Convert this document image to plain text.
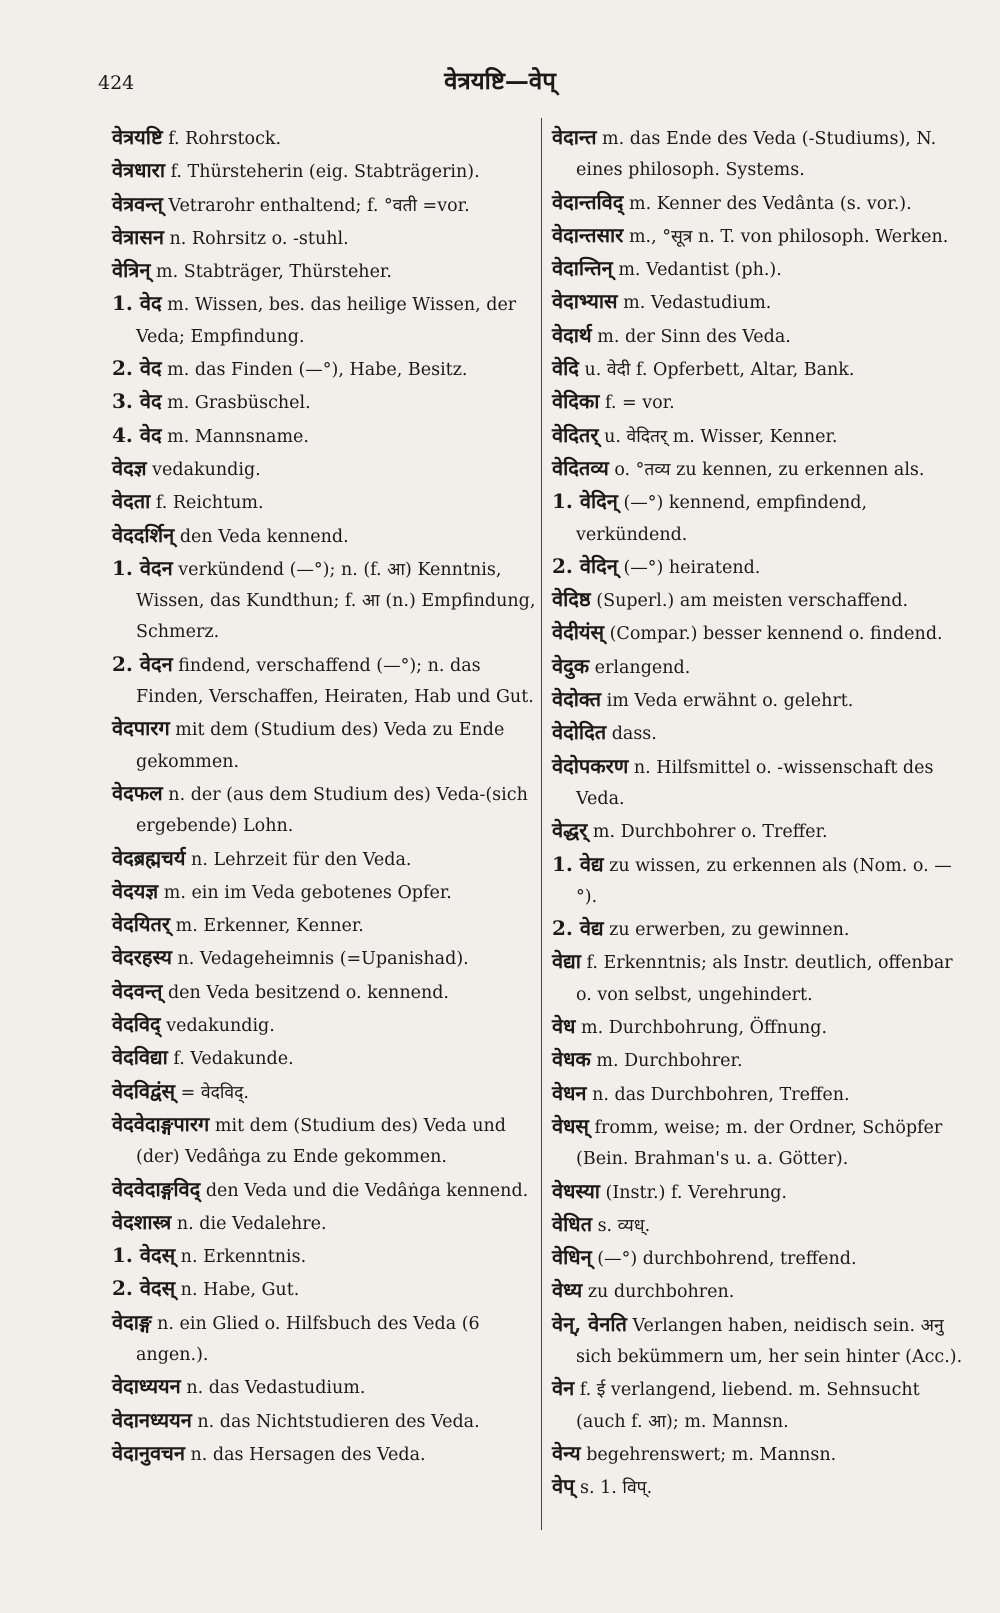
424	वेत्रयष्टि—वेप्
वेत्रयष्टि f. Rohrstock.
वेत्रधारा f. Thürsteherin (eig. Stabträgerin).
वेत्रवन्त् Vetrarohr enthaltend; f. °वती =vor.
वेत्रासन n. Rohrsitz o. -stuhl.
वेत्रिन् m. Stabträger, Thürsteher.
1. वेद m. Wissen, bes. das heilige Wissen, der Veda; Empfindung.
2. वेद m. das Finden (—°), Habe, Besitz.
3. वेद m. Grasbüschel.
4. वेद m. Mannsname.
वेदज्ञ vedakundig.
वेदता f. Reichtum.
वेददर्शिन् den Veda kennend.
1. वेदन verkündend (—°); n. (f. आ) Kenntnis, Wissen, das Kundthun; f. आ (n.) Empfindung, Schmerz.
2. वेदन findend, verschaffend (—°); n. das Finden, Verschaffen, Heiraten, Hab und Gut.
वेदपारग mit dem (Studium des) Veda zu Ende gekommen.
वेदफल n. der (aus dem Studium des) Veda-(sich ergebende) Lohn.
वेदब्रह्मचर्य n. Lehrzeit für den Veda.
वेदयज्ञ m. ein im Veda gebotenes Opfer.
वेदयितर् m. Erkenner, Kenner.
वेदरहस्य n. Vedageheimnis (=Upanishad).
वेदवन्त् den Veda besitzend o. kennend.
वेदविद् vedakundig.
वेदविद्या f. Vedakunde.
वेदविद्वंस् = वेदविद्.
वेदवेदाङ्गपारग mit dem (Studium des) Veda und (der) Vedâṅga zu Ende gekommen.
वेदवेदाङ्गविद् den Veda und die Vedâṅga kennend.
वेदशास्त्र n. die Vedalehre.
1. वेदस् n. Erkenntnis.
2. वेदस् n. Habe, Gut.
वेदाङ्ग n. ein Glied o. Hilfsbuch des Veda (6 angen.).
वेदाध्ययन n. das Vedastudium.
वेदानध्ययन n. das Nichtstudieren des Veda.
वेदानुवचन n. das Hersagen des Veda.
वेदान्त m. das Ende des Veda (-Studiums), N. eines philosoph. Systems.
वेदान्तविद् m. Kenner des Vedânta (s. vor.).
वेदान्तसार m., °सूत्र n. T. von philosoph. Werken.
वेदान्तिन् m. Vedantist (ph.).
वेदाभ्यास m. Vedastudium.
वेदार्थ m. der Sinn des Veda.
वेदि u. वेदी f. Opferbett, Altar, Bank.
वेदिका f. = vor.
वेदितर् u. वेदितर् m. Wisser, Kenner.
वेदितव्य o. °तव्य zu kennen, zu erkennen als.
1. वेदिन् (—°) kennend, empfindend, verkündend.
2. वेदिन् (—°) heiratend.
वेदिष्ठ (Superl.) am meisten verschaffend.
वेदीयंस् (Compar.) besser kennend o. findend.
वेदुक erlangend.
वेदोक्त im Veda erwähnt o. gelehrt.
वेदोदित dass.
वेदोपकरण n. Hilfsmittel o. -wissenschaft des Veda.
वेद्धर् m. Durchbohrer o. Treffer.
1. वेद्य zu wissen, zu erkennen als (Nom. o. —°).
2. वेद्य zu erwerben, zu gewinnen.
वेद्या f. Erkenntnis; als Instr. deutlich, offenbar o. von selbst, ungehindert.
वेध m. Durchbohrung, Öffnung.
वेधक m. Durchbohrer.
वेधन n. das Durchbohren, Treffen.
वेधस् fromm, weise; m. der Ordner, Schöpfer (Bein. Brahman's u. a. Götter).
वेधस्या (Instr.) f. Verehrung.
वेधित s. व्यध्.
वेधिन् (—°) durchbohrend, treffend.
वेध्य zu durchbohren.
वेन्, वेनति Verlangen haben, neidisch sein. अनु sich bekümmern um, her sein hinter (Acc.).
वेन f. ई verlangend, liebend. m. Sehnsucht (auch f. आ); m. Mannsn.
वेन्य begehrenswert; m. Mannsn.
वेप् s. 1. विप्.
